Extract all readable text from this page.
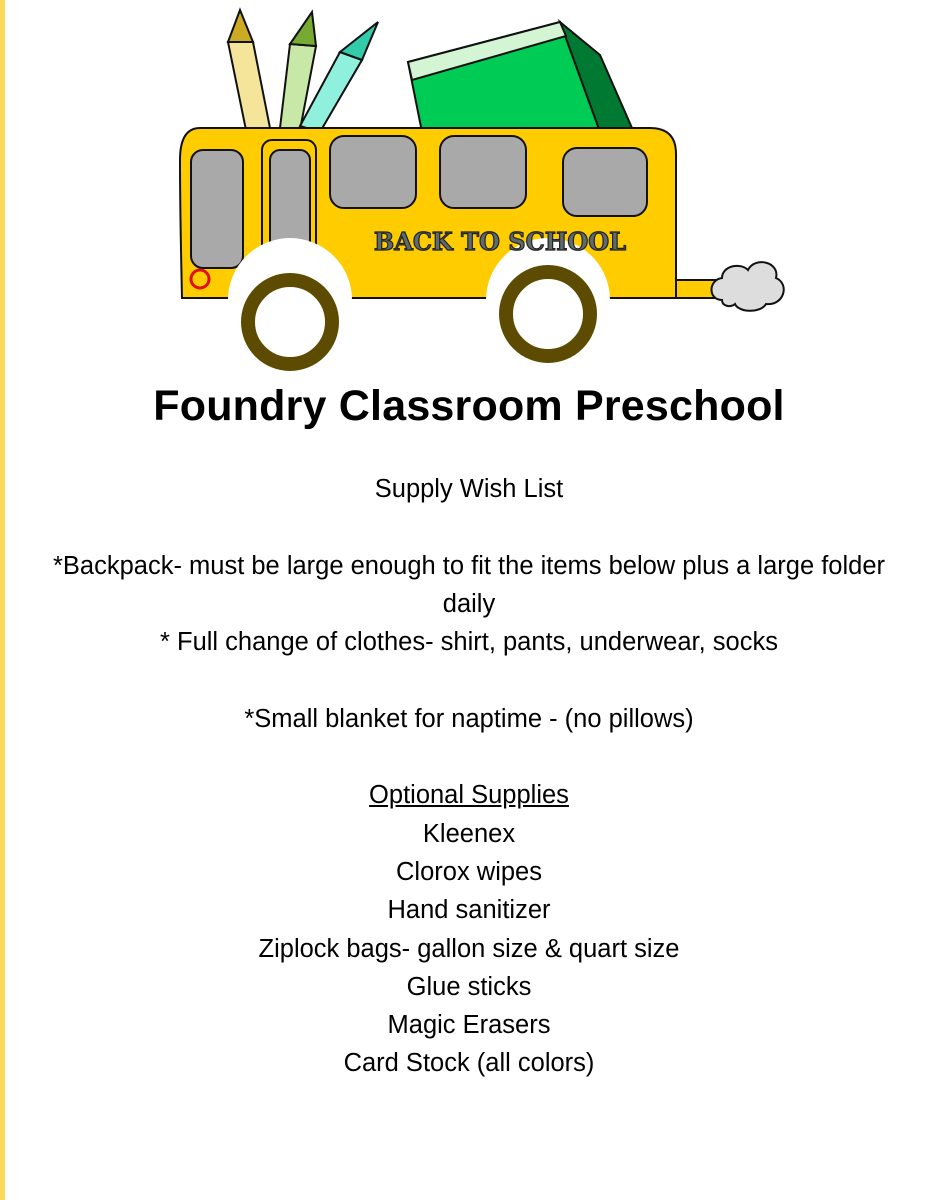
BACK TO SCHOOL
Foundry Classroom Preschool

Supply Wish List

*Backpack- must be large enough to fit the items below plus a large folder

daily

* Full change of clothes- shirt, pants, underwear, socks

*Small blanket for naptime - (no pillows)

Optional Supplies

Kleenex

Clorox wipes

Hand sanitizer

Ziplock bags- gallon size & quart size

Glue sticks

Magic Erasers

Card Stock (all colors)
